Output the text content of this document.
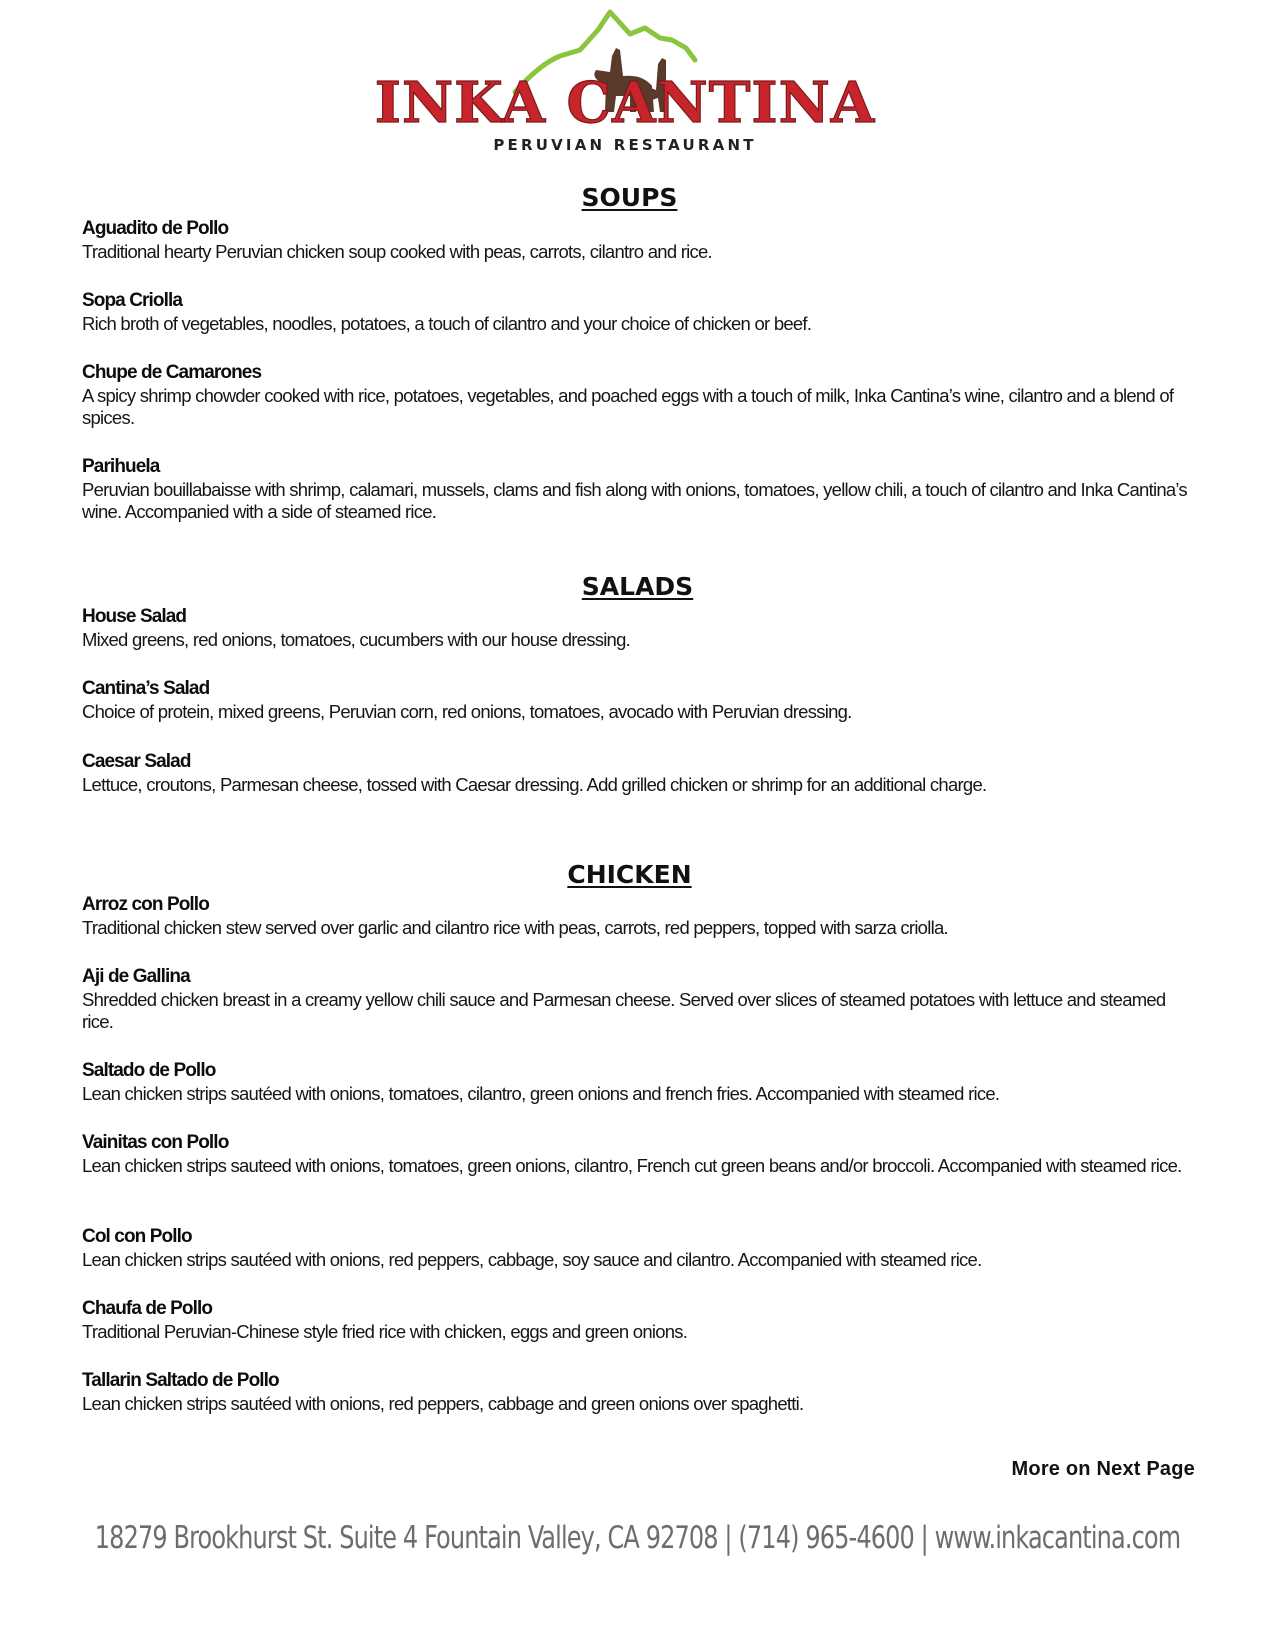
INKA CANTINA
PERUVIAN RESTAURANT
SOUPS
Aguadito de Pollo
Traditional hearty Peruvian chicken soup cooked with peas, carrots, cilantro and rice.
Sopa Criolla
Rich broth of vegetables, noodles, potatoes, a touch of cilantro and your choice of chicken or beef.
Chupe de Camarones
A spicy shrimp chowder cooked with rice, potatoes, vegetables, and poached eggs with a touch of milk, Inka Cantina’s wine, cilantro and a blend of spices.
Parihuela
Peruvian bouillabaisse with shrimp, calamari, mussels, clams and fish along with onions, tomatoes, yellow chili, a touch of cilantro and Inka Cantina’s wine. Accompanied with a side of steamed rice.
SALADS
House Salad
Mixed greens, red onions, tomatoes, cucumbers with our house dressing.
Cantina’s Salad
Choice of protein, mixed greens, Peruvian corn, red onions, tomatoes, avocado with Peruvian dressing.
Caesar Salad
Lettuce, croutons, Parmesan cheese, tossed with Caesar dressing. Add grilled chicken or shrimp for an additional charge.
CHICKEN
Arroz con Pollo
Traditional chicken stew served over garlic and cilantro rice with peas, carrots, red peppers, topped with sarza criolla.
Aji de Gallina
Shredded chicken breast in a creamy yellow chili sauce and Parmesan cheese. Served over slices of steamed potatoes with lettuce and steamed rice.
Saltado de Pollo
Lean chicken strips sautéed with onions, tomatoes, cilantro, green onions and french fries. Accompanied with steamed rice.
Vainitas con Pollo
Lean chicken strips sauteed with onions, tomatoes, green onions, cilantro, French cut green beans and/or broccoli. Accompanied with steamed rice.
Col con Pollo
Lean chicken strips sautéed with onions, red peppers, cabbage, soy sauce and cilantro. Accompanied with steamed rice.
Chaufa de Pollo
Traditional Peruvian-Chinese style fried rice with chicken, eggs and green onions.
Tallarin Saltado de Pollo
Lean chicken strips sautéed with onions, red peppers, cabbage and green onions over spaghetti.
More on Next Page
18279 Brookhurst St. Suite 4 Fountain Valley, CA 92708 | (714) 965-4600 | www.inkacantina.com
